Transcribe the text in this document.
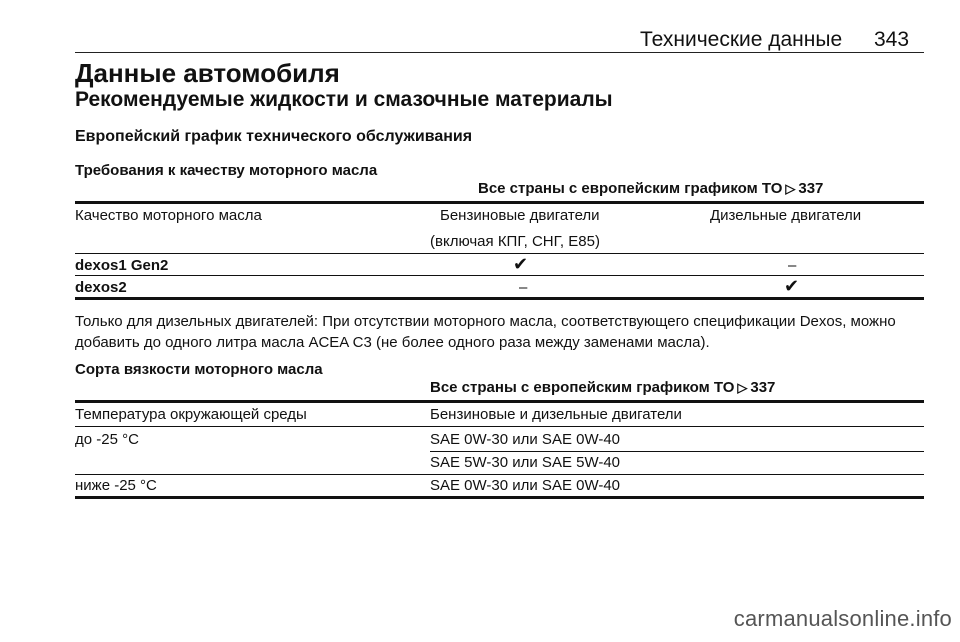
Технические данные 343
Данные автомобиля
Рекомендуемые жидкости и смазочные материалы
Европейский график технического обслуживания
Требования к качеству моторного масла
Все страны с европейским графиком ТО ▷ 337
Качество моторного масла	Бензиновые двигатели	Дизельные двигатели
(включая КПГ, СНГ, E85)
dexos1 Gen2	✔	–
dexos2	–	✔
Только для дизельных двигателей: При отсутствии моторного масла, соответствующего спецификации Dexos, можно добавить до одного литра масла ACEA C3 (не более одного раза между заменами масла).
Сорта вязкости моторного масла
Все страны с европейским графиком ТО ▷ 337
Температура окружающей среды	Бензиновые и дизельные двигатели
до -25 °C	SAE 0W-30 или SAE 0W-40
SAE 5W-30 или SAE 5W-40
ниже -25 °C	SAE 0W-30 или SAE 0W-40
carmanualsonline.info
